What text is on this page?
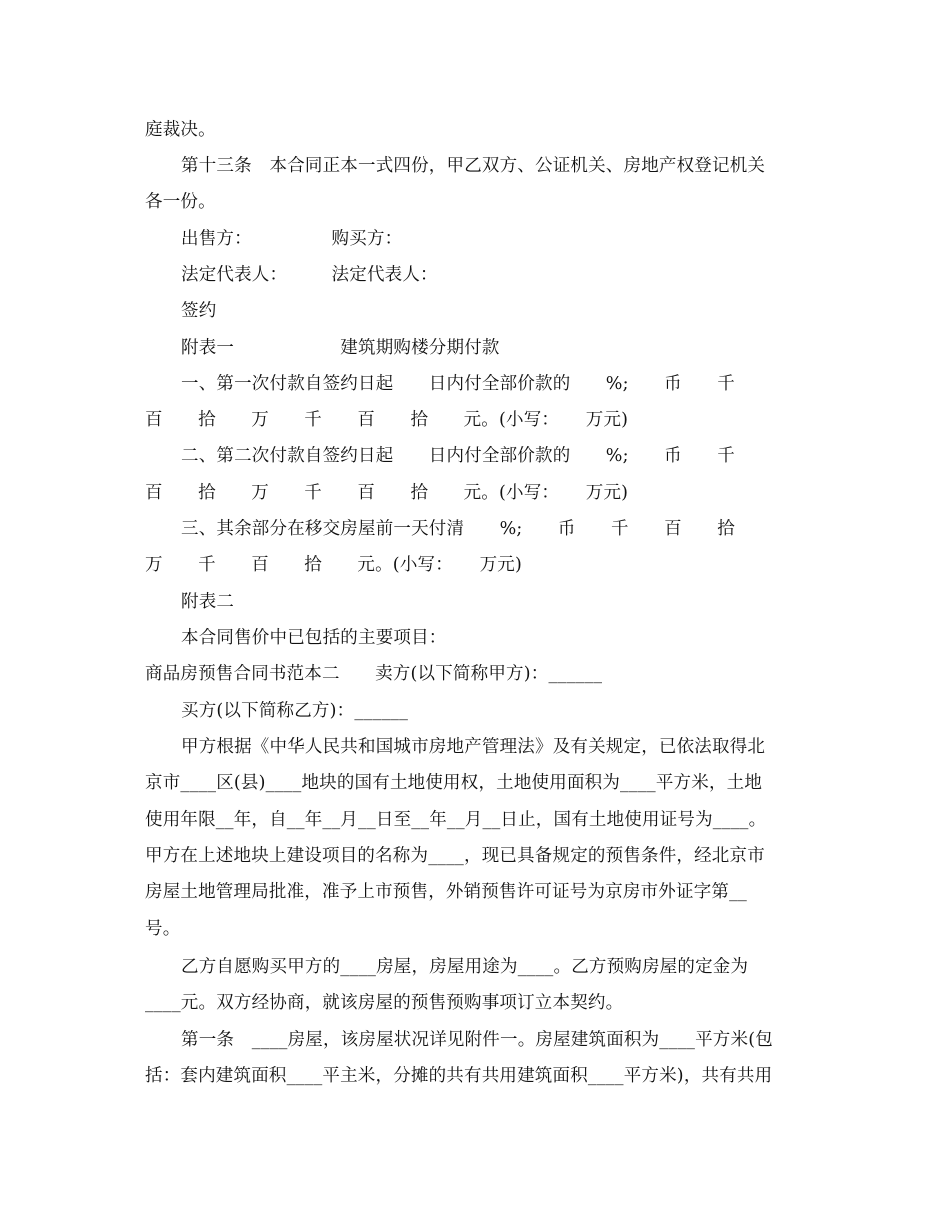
庭裁决。
第十三条　本合同正本一式四份，甲乙双方、公证机关、房地产权登记机关
各一份。
出售方：　　　　　购买方：
法定代表人：　　　法定代表人：
签约
附表一　　　　　　建筑期购楼分期付款
一、第一次付款自签约日起　　日内付全部价款的　　%;　　币　　千
百　　拾　　万　　千　　百　　拾　　元。(小写：　　万元)
二、第二次付款自签约日起　　日内付全部价款的　　%;　　币　　千
百　　拾　　万　　千　　百　　拾　　元。(小写：　　万元)
三、其余部分在移交房屋前一天付清　　%;　　币　　千　　百　　拾
万　　千　　百　　拾　　元。(小写：　　万元)
附表二
本合同售价中已包括的主要项目：
商品房预售合同书范本二　　卖方(以下简称甲方)：______
买方(以下简称乙方)：______
甲方根据《中华人民共和国城市房地产管理法》及有关规定，已依法取得北
京市____区(县)____地块的国有土地使用权，土地使用面积为____平方米，土地
使用年限__年，自__年__月__日至__年__月__日止，国有土地使用证号为____。
甲方在上述地块上建设项目的名称为____，现已具备规定的预售条件，经北京市
房屋土地管理局批准，准予上市预售，外销预售许可证号为京房市外证字第__
号。
乙方自愿购买甲方的____房屋，房屋用途为____。乙方预购房屋的定金为
____元。双方经协商，就该房屋的预售预购事项订立本契约。
第一条　____房屋，该房屋状况详见附件一。房屋建筑面积为____平方米(包
括：套内建筑面积____平主米，分摊的共有共用建筑面积____平方米)，共有共用
